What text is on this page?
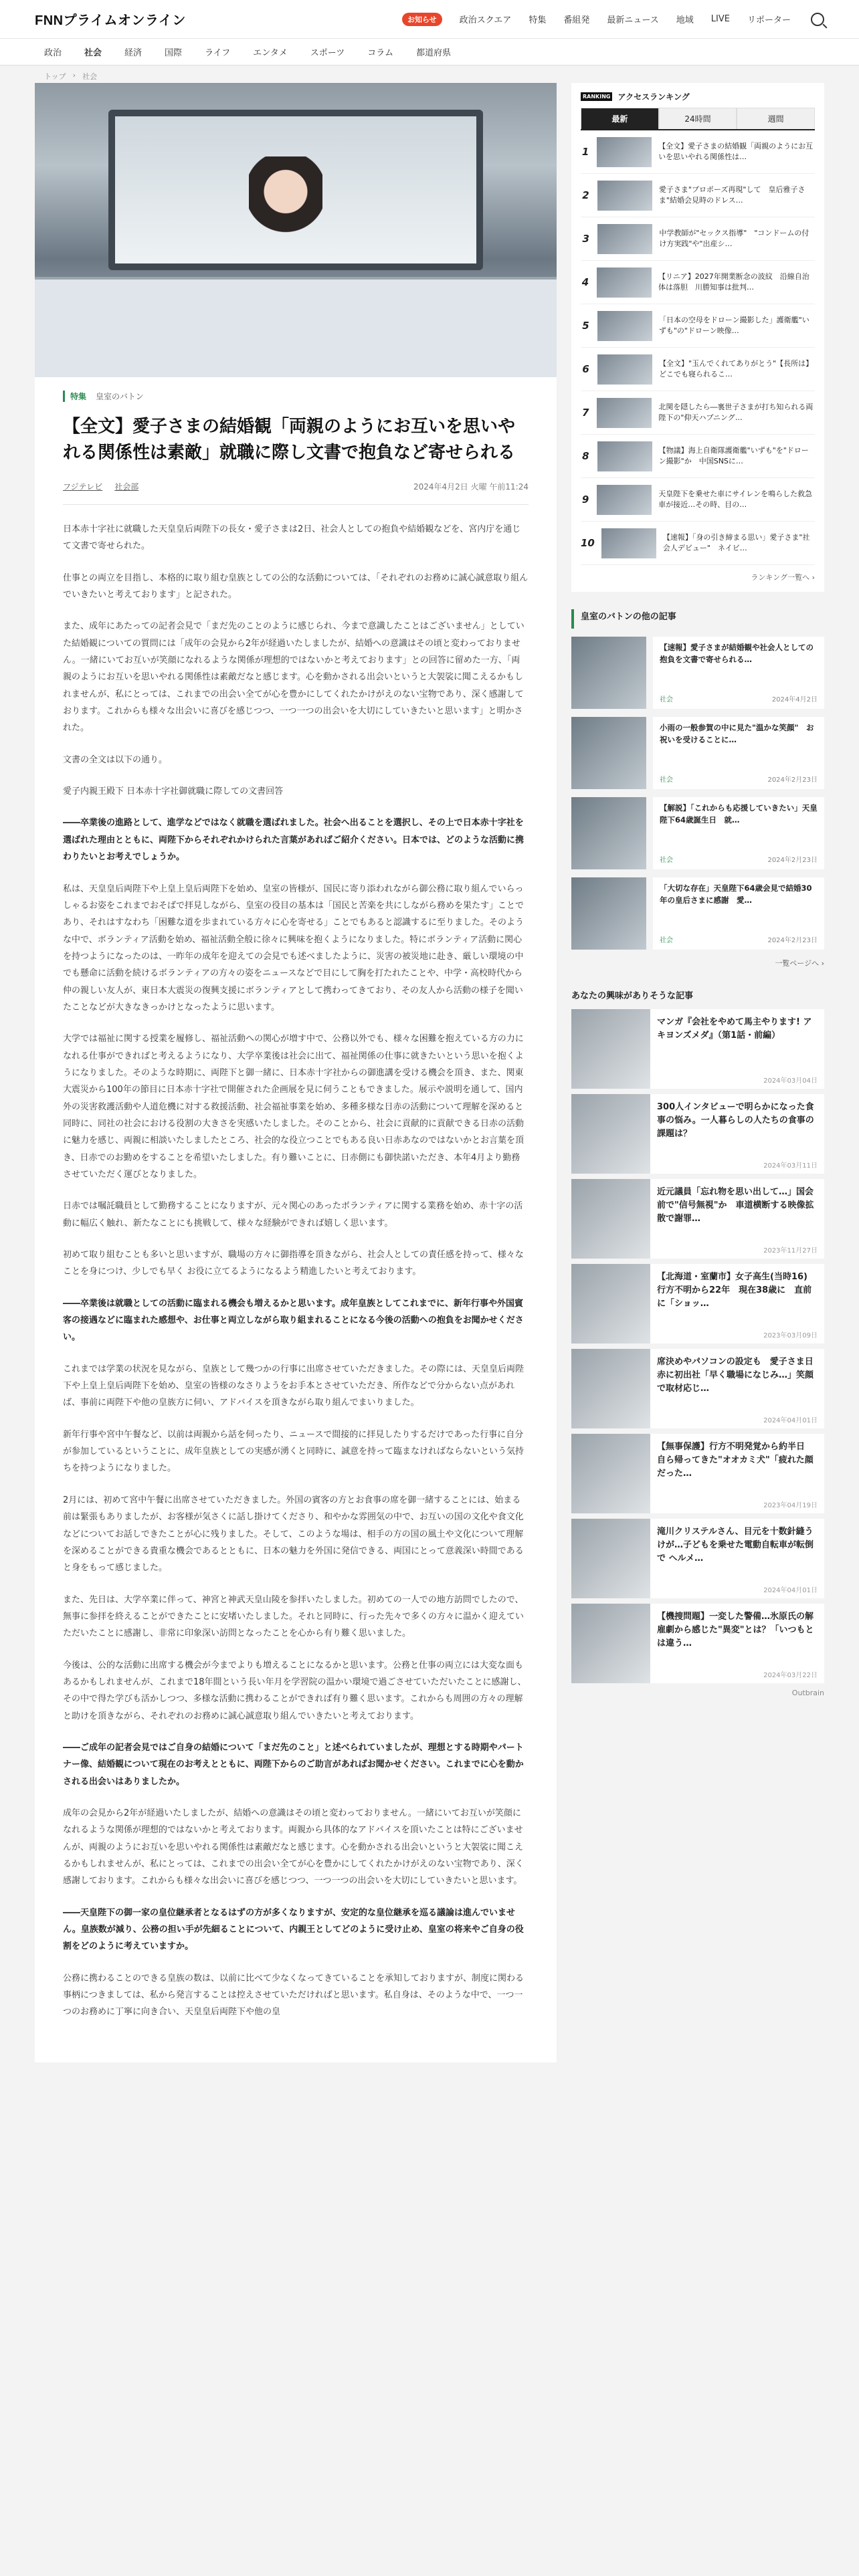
FNNプライムオンライン	お知らせ	政治スクエア 特集 番組発 最新ニュース 地域 LIVE リポーター
政治	社会	経済	国際	ライフ	エンタメ	スポーツ	コラム	都道府県
トップ › 社会
特集 皇室のバトン
【全文】愛子さまの結婚観「両親のようにお互いを思いやれる関係性は素敵」就職に際し文書で抱負など寄せられる
フジテレビ 社会部	2024年4月2日 火曜 午前11:24

日本赤十字社に就職した天皇皇后両陛下の長女・愛子さまは2日、社会人としての抱負や結婚観などを、宮内庁を通じて文書で寄せられた。

仕事との両立を目指し、本格的に取り組む皇族としての公的な活動については、「それぞれのお務めに誠心誠意取り組んでいきたいと考えております」と記された。

また、成年にあたっての記者会見で「まだ先のことのように感じられ、今まで意識したことはございません」としていた結婚観についての質問には「成年の会見から2年が経過いたしましたが、結婚への意識はその頃と変わっておりません。一緒にいてお互いが笑顔になれるような関係が理想的ではないかと考えております」との回答に留めた一方、「両親のようにお互いを思いやれる関係性は素敵だなと感じます。心を動かされる出会いというと大袈裟に聞こえるかもしれませんが、私にとっては、これまでの出会い全てが心を豊かにしてくれたかけがえのない宝物であり、深く感謝しております。これからも様々な出会いに喜びを感じつつ、一つ一つの出会いを大切にしていきたいと思います」と明かされた。

文書の全文は以下の通り。

愛子内親王殿下 日本赤十字社御就職に際しての文書回答

――卒業後の進路として、進学などではなく就職を選ばれました。社会へ出ることを選択し、その上で日本赤十字社を選ばれた理由とともに、両陛下からそれぞれかけられた言葉があればご紹介ください。日本では、どのような活動に携わりたいとお考えでしょうか。

私は、天皇皇后両陛下や上皇上皇后両陛下を始め、皇室の皆様が、国民に寄り添われながら御公務に取り組んでいらっしゃるお姿をこれまでおそばで拝見しながら、皇室の役目の基本は「国民と苦楽を共にしながら務めを果たす」ことであり、それはすなわち「困難な道を歩まれている方々に心を寄せる」ことでもあると認識するに至りました。そのような中で、ボランティア活動を始め、福祉活動全般に徐々に興味を抱くようになりました。特にボランティア活動に関心を持つようになったのは、一昨年の成年を迎えての会見でも述べましたように、災害の被災地に赴き、厳しい環境の中でも懸命に活動を続けるボランティアの方々の姿をニュースなどで目にして胸を打たれたことや、中学・高校時代から仲の親しい友人が、東日本大震災の復興支援にボランティアとして携わってきており、その友人から活動の様子を聞いたことなどが大きなきっかけとなったように思います。

大学では福祉に関する授業を履修し、福祉活動への関心が増す中で、公務以外でも、様々な困難を抱えている方の力になれる仕事ができればと考えるようになり、大学卒業後は社会に出て、福祉関係の仕事に就きたいという思いを抱くようになりました。そのような時期に、両陛下と御一緒に、日本赤十字社からの御進講を受ける機会を頂き、また、関東大震災から100年の節目に日本赤十字社で開催された企画展を見に伺うこともできました。展示や説明を通して、国内外の災害救護活動や人道危機に対する救援活動、社会福祉事業を始め、多種多様な日赤の活動について理解を深めると同時に、同社の社会における役割の大きさを実感いたしました。そのことから、社会に貢献的に貢献できる日赤の活動に魅力を感じ、両親に相談いたしましたところ、社会的な役立つことでもある良い日赤あなのではないかとお言葉を頂き、日赤でのお勤めをすることを希望いたしました。有り難いことに、日赤側にも御快諾いただき、本年4月より勤務させていただく運びとなりました。

日赤では嘱託職員として勤務することになりますが、元々関心のあったボランティアに関する業務を始め、赤十字の活動に幅広く触れ、新たなことにも挑戦して、様々な経験ができれば嬉しく思います。

初めて取り組むことも多いと思いますが、職場の方々に御指導を頂きながら、社会人としての責任感を持って、様々なことを身につけ、少しでも早く お役に立てるようになるよう精進したいと考えております。

――卒業後は就職としての活動に臨まれる機会も増えるかと思います。成年皇族としてこれまでに、新年行事や外国賓客の接遇などに臨まれた感想や、お仕事と両立しながら取り組まれることになる今後の活動への抱負をお聞かせください。

これまでは学業の状況を見ながら、皇族として幾つかの行事に出席させていただきました。その際には、天皇皇后両陛下や上皇上皇后両陛下を始め、皇室の皆様のなさりようをお手本とさせていただき、所作などで分からない点があれば、事前に両陛下や他の皇族方に伺い、アドバイスを頂きながら取り組んでまいりました。

新年行事や宮中午餐など、以前は両親から話を伺ったり、ニュースで間接的に拝見したりするだけであった行事に自分が参加しているということに、成年皇族としての実感が湧くと同時に、誠意を持って臨まなければならないという気持ちを持つようになりました。

2月には、初めて宮中午餐に出席させていただきました。外国の賓客の方とお食事の席を御一緒することには、始まる前は緊張もありましたが、お客様が気さくに話し掛けてくださり、和やかな雰囲気の中で、お互いの国の文化や食文化などについてお話しできたことが心に残りました。そして、このような場は、相手の方の国の風土や文化について理解を深めることができる貴重な機会であるとともに、日本の魅力を外国に発信できる、両国にとって意義深い時間であると身をもって感じました。

また、先日は、大学卒業に伴って、神宮と神武天皇山陵を参拝いたしました。初めての一人での地方訪問でしたので、無事に参拝を終えることができたことに安堵いたしました。それと同時に、行った先々で多くの方々に温かく迎えていただいたことに感謝し、非常に印象深い訪問となったことを心から有り難く思いました。

今後は、公的な活動に出席する機会が今までよりも増えることになるかと思います。公務と仕事の両立には大変な面もあるかもしれませんが、これまで18年間という長い年月を学習院の温かい環境で過ごさせていただいたことに感謝し、その中で得た学びも活かしつつ、多様な活動に携わることができれば有り難く思います。これからも周囲の方々の理解と助けを頂きながら、それぞれのお務めに誠心誠意取り組んでいきたいと考えております。

――ご成年の記者会見ではご自身の結婚について「まだ先のこと」と述べられていましたが、理想とする時期やパートナー像、結婚観について現在のお考えとともに、両陛下からのご助言があればお聞かせください。これまでに心を動かされる出会いはありましたか。

成年の会見から2年が経過いたしましたが、結婚への意識はその頃と変わっておりません。一緒にいてお互いが笑顔になれるような関係が理想的ではないかと考えております。両親から具体的なアドバイスを頂いたことは特にございませんが、両親のようにお互いを思いやれる関係性は素敵だなと感じます。心を動かされる出会いというと大袈裟に聞こえるかもしれませんが、私にとっては、これまでの出会い全てが心を豊かにしてくれたかけがえのない宝物であり、深く感謝しております。これからも様々な出会いに喜びを感じつつ、一つ一つの出会いを大切にしていきたいと思います。

――天皇陛下の御一家の皇位継承者となるはずの方が多くなりますが、安定的な皇位継承を巡る議論は進んでいません。皇族数が減り、公務の担い手が先細ることについて、内親王としてどのように受け止め、皇室の将来やご自身の役割をどのように考えていますか。

公務に携わることのできる皇族の数は、以前に比べて少なくなってきていることを承知しておりますが、制度に関わる事柄につきましては、私から発言することは控えさせていただければと思います。私自身は、そのような中で、一つ一つのお務めに丁寧に向き合い、天皇皇后両陛下や他の皇

RANKING アクセスランキング
最新	24時間	週間
1	【全文】愛子さまの結婚観「両親のようにお互いを思いやれる関係性は…
2	愛子さま"プロポーズ再現"して　皇后雅子さま"結婚会見時のドレス…
3	中学教師が"セックス指導"　"コンドームの付け方実践"や"出産シ…
4	【リニア】2027年開業断念の波紋　沿線自治体は落胆　川勝知事は批判…
5	「日本の空母をドローン撮影した」護衛艦"いずも"の"ドローン映像…
6	【全文】"玉んでくれてありがとう"【長所は】どこでも寝られるこ…
7	北関を隠したら―裏世子さまが打ち知られる両陛下の"仰天ハプニング…
8	【物議】海上自衛隊護衛艦"いずも"を"ドローン撮影"か　中国SNSに…
9	天皇陛下を乗せた車にサイレンを鳴らした救急車が接近…その時、目の…
10	【速報】「身の引き締まる思い」愛子さま"社会人デビュー"　ネイビ…
ランキング一覧へ ›
皇室のバトンの他の記事
【速報】愛子さまが結婚観や社会人としての抱負を文書で寄せられる…
社会	2024年4月2日
小雨の一般参賀の中に見た"温かな笑顔"　お祝いを受けることに…
社会	2024年2月23日
【解説】「これからも応援していきたい」天皇陛下64歳誕生日　就…
社会	2024年2月23日
「大切な存在」天皇陛下64歳会見で結婚30年の皇后さまに感謝　愛…
社会	2024年2月23日
一覧ページへ ›
あなたの興味がありそうな記事
マンガ『会社をやめて馬主やります! アキヨンズメダ』（第1話・前編）
2024年03月04日
300人インタビューで明らかになった食事の悩み。一人暮らしの人たちの食事の課題は？
2024年03月11日
近元議員「忘れ物を思い出して…」国会前で"信号無視"か　車道横断する映像拡散で謝罪…
2023年11月27日
【北海道・室蘭市】女子高生(当時16) 行方不明から22年　現在38歳に　直前に「ショッ…
2023年03月09日
席決めやパソコンの設定も　愛子さま日赤に初出社「早く職場になじみ…」笑顔で取材応じ…
2024年04月01日
【無事保護】行方不明発覚から約半日　自ら帰ってきた"オオカミ犬"「疲れた顔だった…
2023年04月19日
滝川クリステルさん、目元を十数針縫うけが…子どもを乗せた電動自転車が転倒で ヘルメ…
2024年04月01日
【機捜問題】一変した警備…氷原氏の解雇劇から感じた"異変"とは？「いつもとは違う…
2024年03月22日
Outbrain
